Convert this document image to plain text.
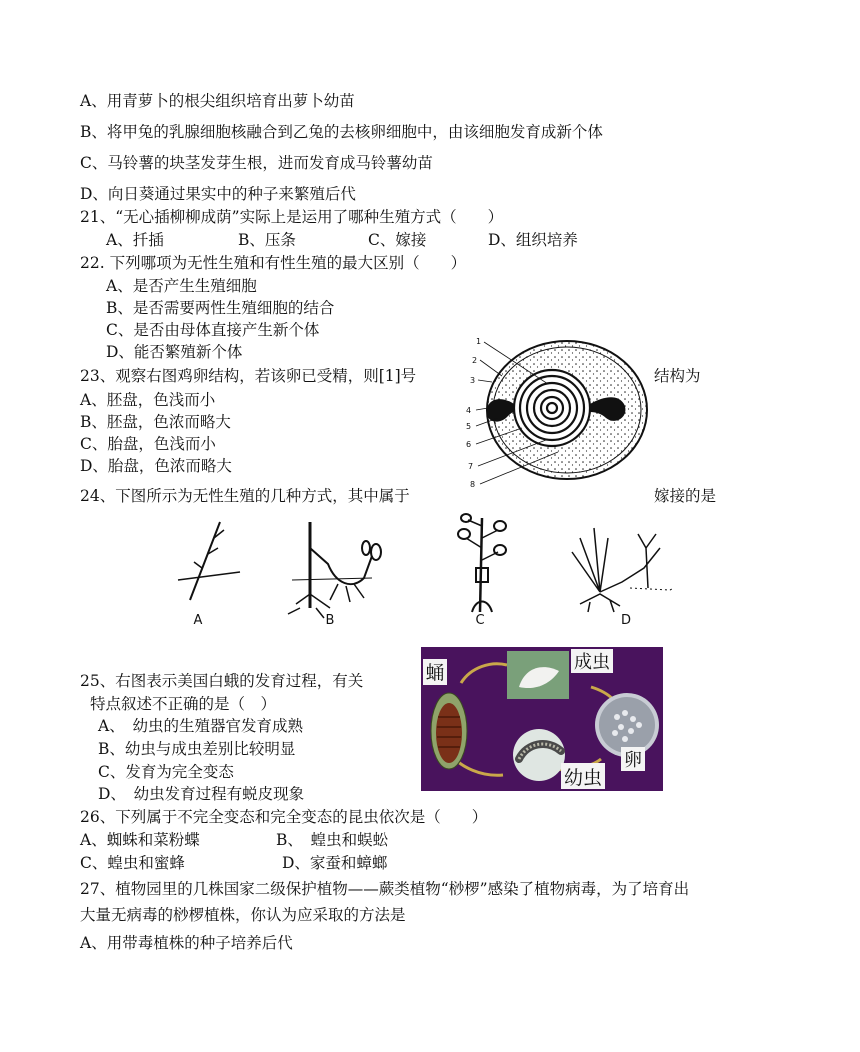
A、用青萝卜的根尖组织培育出萝卜幼苗
B、将甲兔的乳腺细胞核融合到乙兔的去核卵细胞中，由该细胞发育成新个体
C、马铃薯的块茎发芽生根，进而发育成马铃薯幼苗
D、向日葵通过果实中的种子来繁殖后代
21、“无心插柳柳成荫”实际上是运用了哪种生殖方式（　　）
A、扦插	B、压条	C、嫁接	D、组织培养
22. 下列哪项为无性生殖和有性生殖的最大区别（　　）
A、是否产生生殖细胞
B、是否需要两性生殖细胞的结合
C、是否由母体直接产生新个体
D、能否繁殖新个体
23、观察右图鸡卵结构，若该卵已受精，则[1]号	结构为
A、胚盘，色浅而小
B、胚盘，色浓而略大
C、胎盘，色浅而小
D、胎盘，色浓而略大
1
2
3
4
5
6
7
8
24、下图所示为无性生殖的几种方式，其中属于	嫁接的是
A	B	C	D
25、右图表示美国白蛾的发育过程，有关
特点叙述不正确的是（　）
A、　幼虫的生殖器官发育成熟
B、幼虫与成虫差别比较明显
C、发育为完全变态
D、　幼虫发育过程有蜕皮现象
蛹	成虫
卵
幼虫
26、下列属于不完全变态和完全变态的昆虫依次是（　　）
A、蜘蛛和菜粉蝶	B、　蝗虫和蜈蚣
C、蝗虫和蜜蜂	D、家蚕和蟑螂
27、植物园里的几株国家二级保护植物——蕨类植物“桫椤”感染了植物病毒，为了培育出
大量无病毒的桫椤植株，你认为应采取的方法是
A、用带毒植株的种子培养后代
